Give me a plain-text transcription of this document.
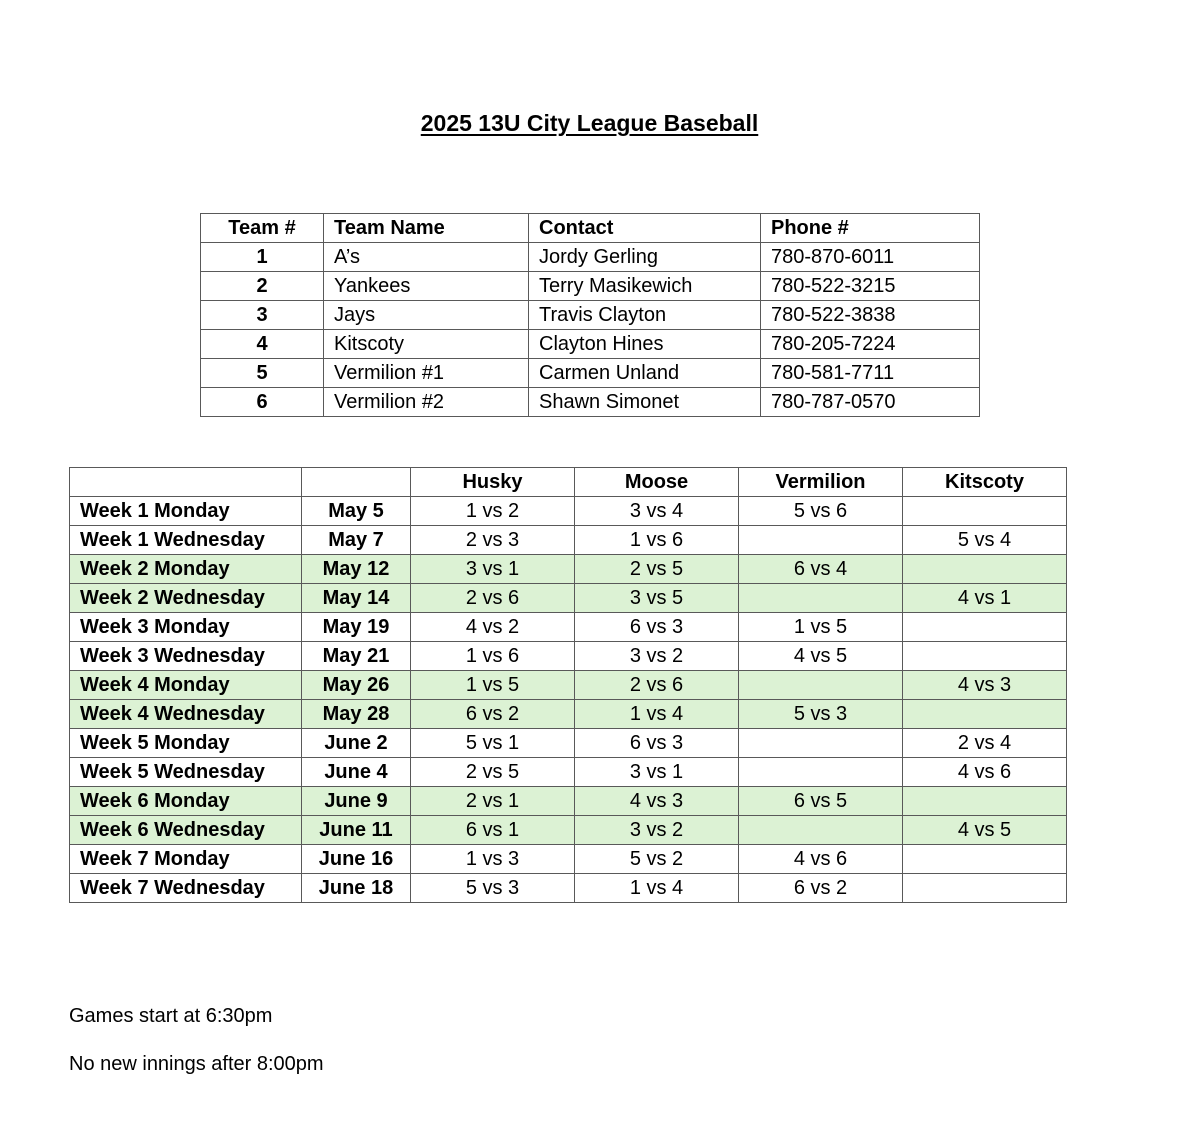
2025 13U City League Baseball
Team #	Team Name	Contact	Phone #
1	A’s	Jordy Gerling	780-870-6011
2	Yankees	Terry Masikewich	780-522-3215
3	Jays	Travis Clayton	780-522-3838
4	Kitscoty	Clayton Hines	780-205-7224
5	Vermilion #1	Carmen Unland	780-581-7711
6	Vermilion #2	Shawn Simonet	780-787-0570
		Husky	Moose	Vermilion	Kitscoty
Week 1 Monday	May 5	1 vs 2	3 vs 4	5 vs 6	
Week 1 Wednesday	May 7	2 vs 3	1 vs 6		5 vs 4
Week 2 Monday	May 12	3 vs 1	2 vs 5	6 vs 4	
Week 2 Wednesday	May 14	2 vs 6	3 vs 5		4 vs 1
Week 3 Monday	May 19	4 vs 2	6 vs 3	1 vs 5	
Week 3 Wednesday	May 21	1 vs 6	3 vs 2	4 vs 5	
Week 4 Monday	May 26	1 vs 5	2 vs 6		4 vs 3
Week 4 Wednesday	May 28	6 vs 2	1 vs 4	5 vs 3	
Week 5 Monday	June 2	5 vs 1	6 vs 3		2 vs 4
Week 5 Wednesday	June 4	2 vs 5	3 vs 1		4 vs 6
Week 6 Monday	June 9	2 vs 1	4 vs 3	6 vs 5	
Week 6 Wednesday	June 11	6 vs 1	3 vs 2		4 vs 5
Week 7 Monday	June 16	1 vs 3	5 vs 2	4 vs 6	
Week 7 Wednesday	June 18	5 vs 3	1 vs 4	6 vs 2	

Games start at 6:30pm

No new innings after 8:00pm
